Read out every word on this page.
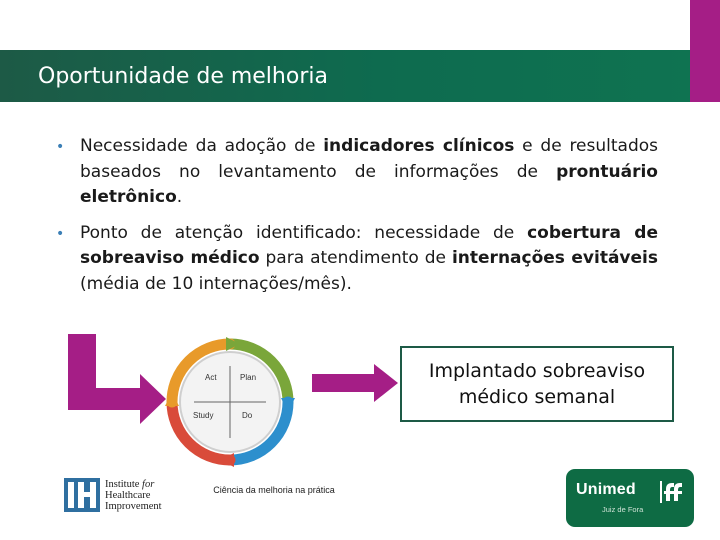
Oportunidade de melhoria
• Necessidade da adoção de indicadores clínicos e de resultados baseados no levantamento de informações de prontuário eletrônico.
• Ponto de atenção identificado: necessidade de cobertura de sobreaviso médico para atendimento de internações evitáveis (média de 10 internações/mês).
Act	Plan
Study	Do
Implantado sobreaviso médico semanal
Ciência da melhoria na prática
Institute for
Healthcare
Improvement
Unimed
Juiz de Fora
